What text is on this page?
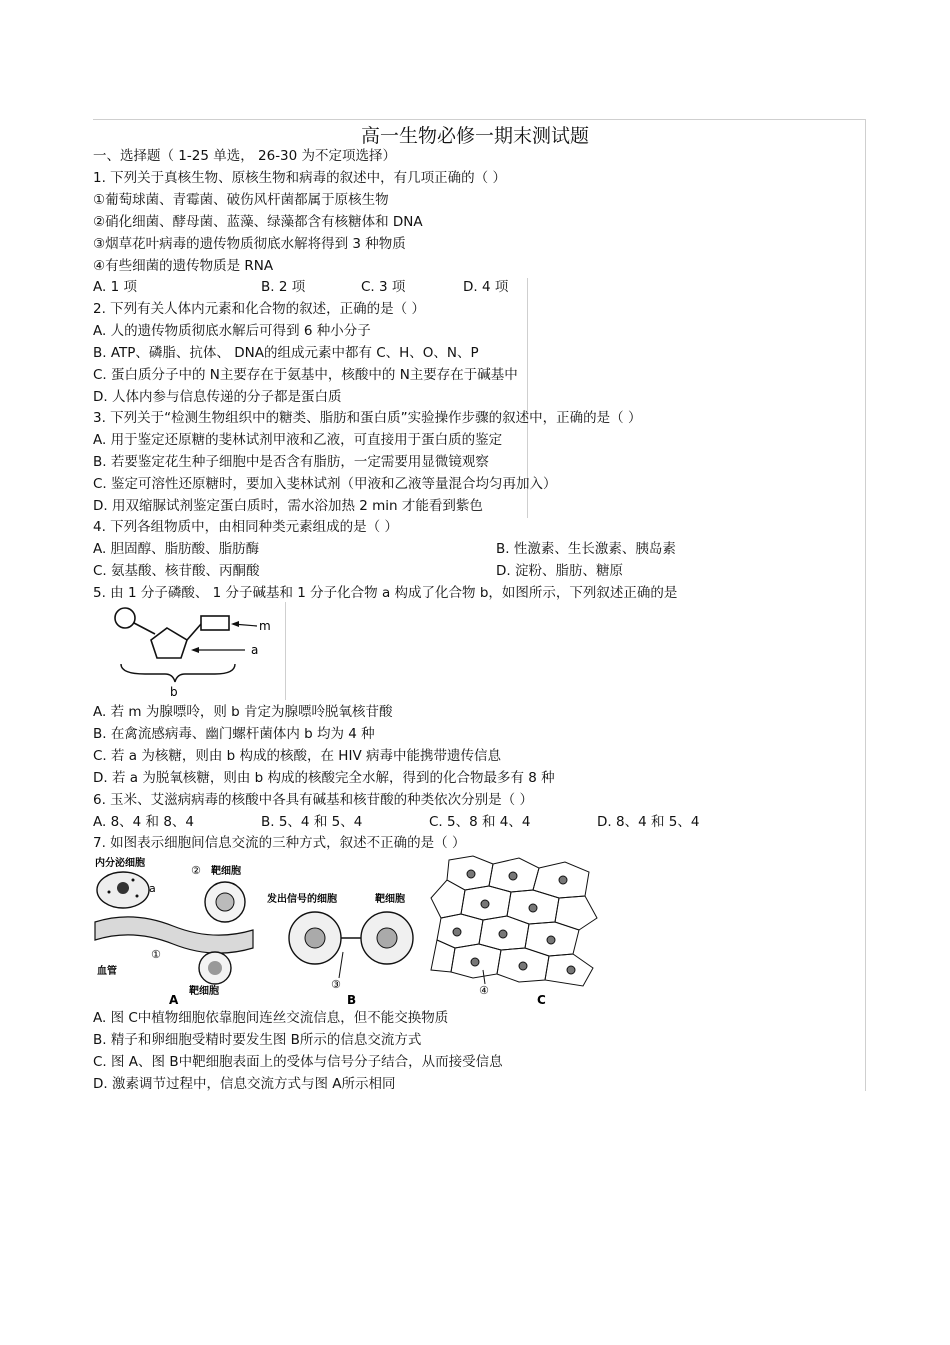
高一生物必修一期末测试题
一、选择题（ 1-25 单选， 26-30 为不定项选择）
1. 下列关于真核生物、原核生物和病毒的叙述中，有几项正确的（ ）
①葡萄球菌、青霉菌、破伤风杆菌都属于原核生物
②硝化细菌、酵母菌、蓝藻、绿藻都含有核糖体和 DNA
③烟草花叶病毒的遗传物质彻底水解将得到 3 种物质
④有些细菌的遗传物质是 RNA
A. 1 项	B. 2 项	C. 3 项	D. 4 项
2. 下列有关人体内元素和化合物的叙述，正确的是（ ）
A. 人的遗传物质彻底水解后可得到 6 种小分子
B. ATP、磷脂、抗体、 DNA的组成元素中都有 C、H、O、N、P
C. 蛋白质分子中的 N主要存在于氨基中，核酸中的 N主要存在于碱基中
D. 人体内参与信息传递的分子都是蛋白质
3. 下列关于“检测生物组织中的糖类、脂肪和蛋白质”实验操作步骤的叙述中，正确的是（ ）
A. 用于鉴定还原糖的斐林试剂甲液和乙液，可直接用于蛋白质的鉴定
B. 若要鉴定花生种子细胞中是否含有脂肪，一定需要用显微镜观察
C. 鉴定可溶性还原糖时，要加入斐林试剂（甲液和乙液等量混合均匀再加入）
D. 用双缩脲试剂鉴定蛋白质时，需水浴加热 2 min 才能看到紫色
4. 下列各组物质中，由相同种类元素组成的是（ ）
A. 胆固醇、脂肪酸、脂肪酶	B. 性激素、生长激素、胰岛素
C. 氨基酸、核苷酸、丙酮酸	D. 淀粉、脂肪、糖原
5. 由 1 分子磷酸、 1 分子碱基和 1 分子化合物 a 构成了化合物 b，如图所示，下列叙述正确的是
m
a
b
A. 若 m 为腺嘌呤，则 b 肯定为腺嘌呤脱氧核苷酸
B. 在禽流感病毒、幽门螺杆菌体内 b 均为 4 种
C. 若 a 为核糖，则由 b 构成的核酸，在 HIV 病毒中能携带遗传信息
D. 若 a 为脱氧核糖，则由 b 构成的核酸完全水解，得到的化合物最多有 8 种
6. 玉米、艾滋病病毒的核酸中各具有碱基和核苷酸的种类依次分别是（ ）
A. 8、4 和 8、4	B. 5、4 和 5、4	C. 5、8 和 4、4	D. 8、4 和 5、4
7. 如图表示细胞间信息交流的三种方式，叙述不正确的是（ ）
内分泌细胞
a
② 靶细胞
①
血管
靶细胞
A
发出信号的细胞	靶细胞
③
B
④
C
A. 图 C中植物细胞依靠胞间连丝交流信息，但不能交换物质
B. 精子和卵细胞受精时要发生图 B所示的信息交流方式
C. 图 A、图 B中靶细胞表面上的受体与信号分子结合，从而接受信息
D. 激素调节过程中，信息交流方式与图 A所示相同
